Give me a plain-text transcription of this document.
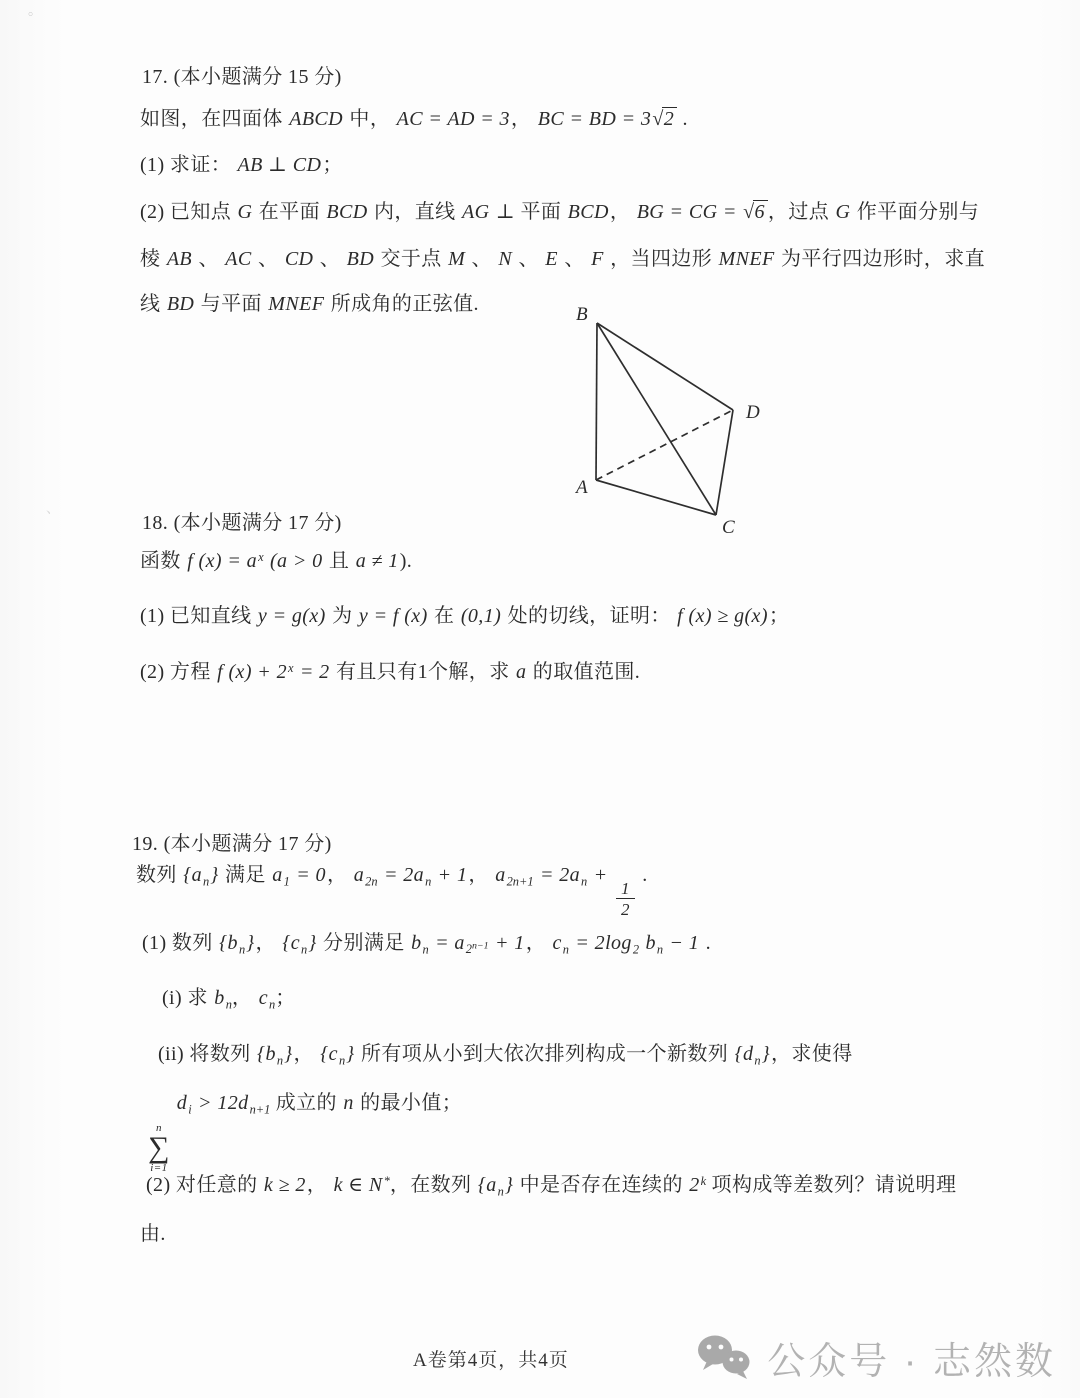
。
、
17. (本小题满分 15 分)
如图，在四面体 ABCD 中， AC = AD = 3， BC = BD = 3√2 .
(1) 求证： AB ⊥ CD；
(2) 已知点 G 在平面 BCD 内，直线 AG ⊥ 平面 BCD， BG = CG = √6 ，过点 G 作平面分别与
棱 AB 、 AC 、 CD 、 BD 交于点 M 、 N 、 E 、 F ，当四边形 MNEF 为平行四边形时，求直
线 BD 与平面 MNEF 所成角的正弦值.	B
D
A
C
18. (本小题满分 17 分)
函数 f $(x) = a^x$ (a > 0 且 a ≠ 1).
(1) 已知直线 y = g(x) 为 y = f (x) 在 (0,1) 处的切线，证明： f (x) ≥ g(x)；
(2) 方程 f $(x) + 2^x = 2$ 有且只有1个解，求 a 的取值范围.
19. (本小题满分 17 分)
数列 $\{a_n\}$ 满足 $a_1 = 0$， $a_{2n} = 2a_n + 1$， $a_{2n+1} = 2a_n$ +
$\frac{1}{2}$
.
(1) 数列 $\{b_n\}$， $\{c_n\}$ 分别满足 $b_n = a_{2^{n-1}} + 1$， $c_n = 2\log_2$ $b_n - 1$ .
(i) 求 $b_n$， $c_n$；
(ii) 将数列 $\{b_n\}$， $\{c_n\}$ 所有项从小到大依次排列构成一个新数列 $\{d_n\}$，求使得
n
∑
i=1
$d_i > 12d_{n+1}$ 成立的 n 的最小值；
(2) 对任意的 k ≥ 2， k ∈ N*，在数列 $\{a_n\}$ 中是否存在连续的 2$^k$ 项构成等差数列？请说明理
由.
A卷第4页，共4页	公众号 · 志然数
